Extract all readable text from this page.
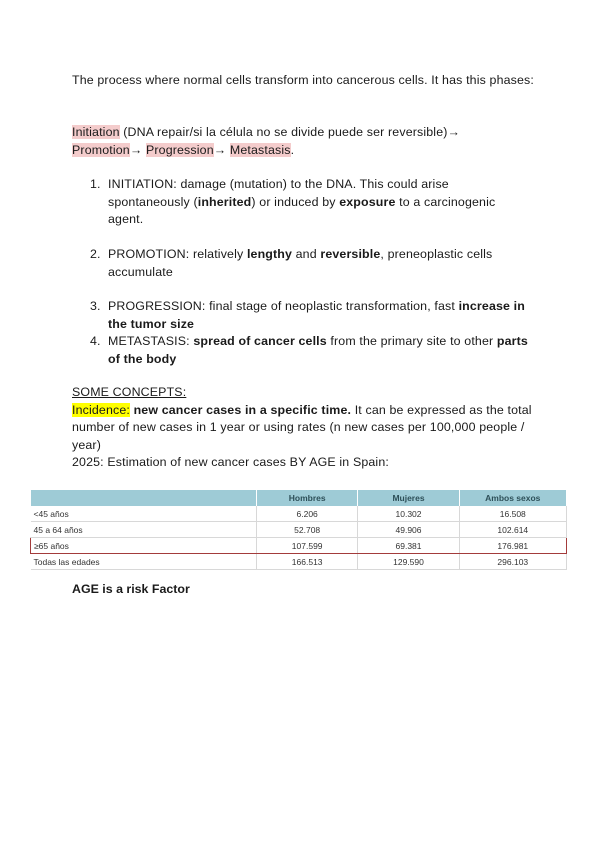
The process where normal cells transform into cancerous cells. It has this phases:
Initiation (DNA repair/si la célula no se divide puede ser reversible)→
Promotion→ Progression→ Metastasis.
1. INITIATION: damage (mutation) to the DNA. This could arise spontaneously (inherited) or induced by exposure to a carcinogenic agent.
2. PROMOTION: relatively lengthy and reversible, preneoplastic cells accumulate
3. PROGRESSION: final stage of neoplastic transformation, fast increase in the tumor size
4. METASTASIS: spread of cancer cells from the primary site to other parts of the body
SOME CONCEPTS:
Incidence: new cancer cases in a specific time. It can be expressed as the total number of new cases in 1 year or using rates (n new cases per 100,000 people / year)
2025: Estimation of new cancer cases BY AGE in Spain:
	Hombres	Mujeres	Ambos sexos
<45 años	6.206	10.302	16.508
45 a 64 años	52.708	49.906	102.614
≥65 años	107.599	69.381	176.981
Todas las edades	166.513	129.590	296.103
AGE is a risk Factor
